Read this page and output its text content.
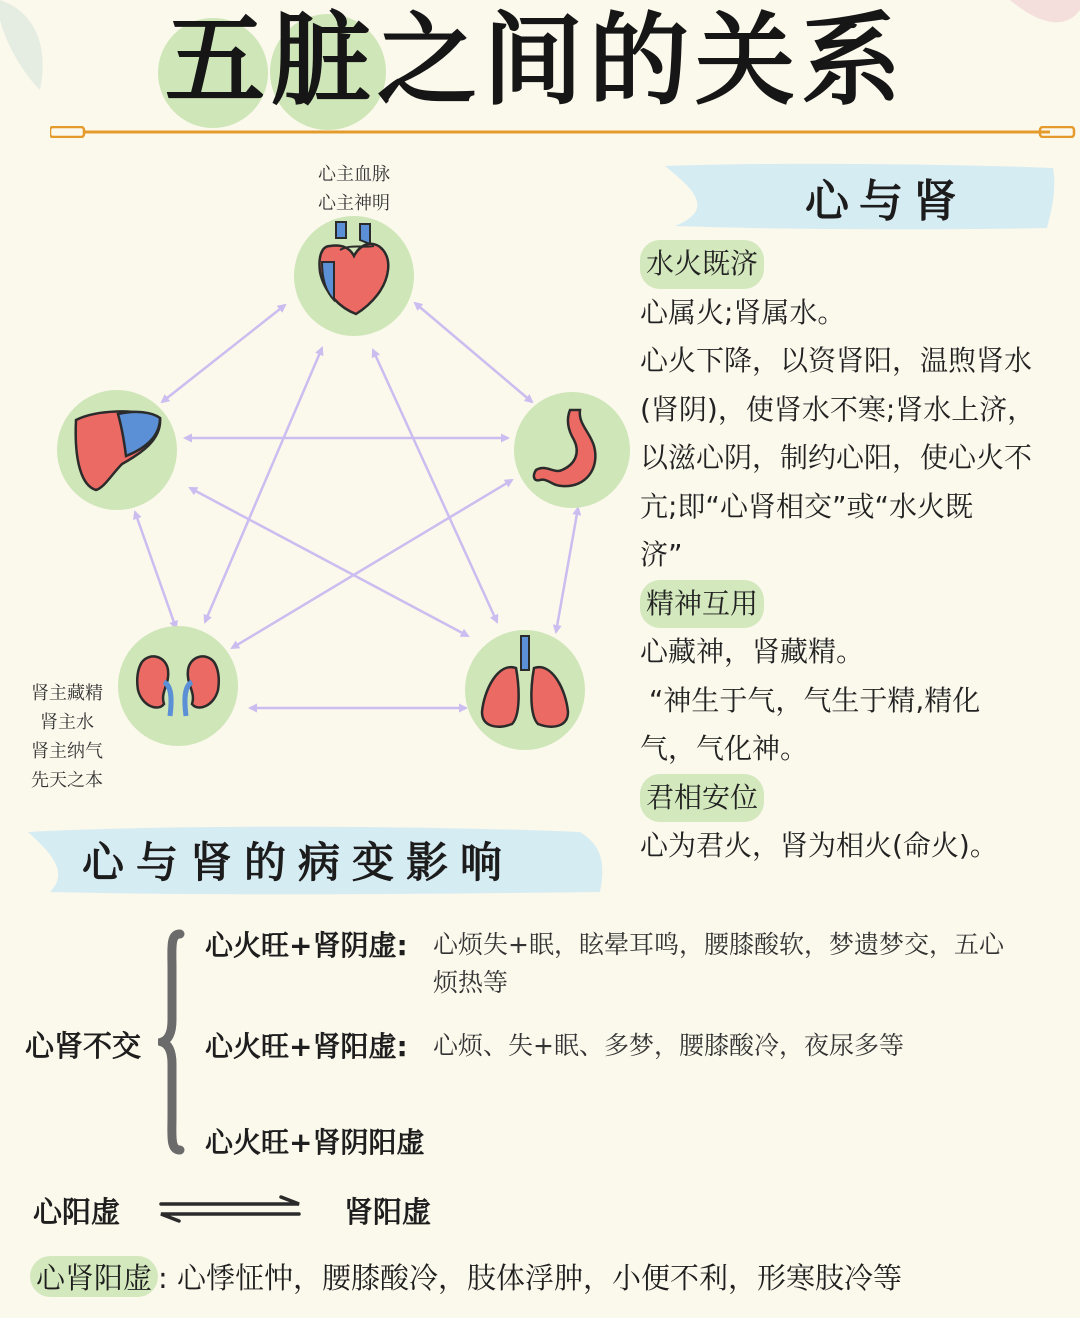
五脏之间的关系
心主血脉
心主神明
肾主藏精
肾主水
肾主纳气
先天之本
心与肾
水火既济
心属火;肾属水。
心火下降，以资肾阳，温煦肾水
(肾阴)，使肾水不寒;肾水上济，
以滋心阴，制约心阳，使心火不
亢;即“心肾相交”或“水火既
济”
精神互用
心藏神，肾藏精。
“神生于气，气生于精,精化
气，气化神。
君相安位
心为君火，肾为相火(命火)。
心与肾的病变影响
心肾不交
心火旺+肾阴虚: 心烦失+眠，眩晕耳鸣，腰膝酸软，梦遗梦交，五心
烦热等
心火旺+肾阳虚: 心烦、失+眠、多梦，腰膝酸冷，夜尿多等
心火旺+肾阴阳虚
心阳虚	肾阳虚
心肾阳虚 : 心悸怔忡，腰膝酸冷，肢体浮肿，小便不利，形寒肢冷等
